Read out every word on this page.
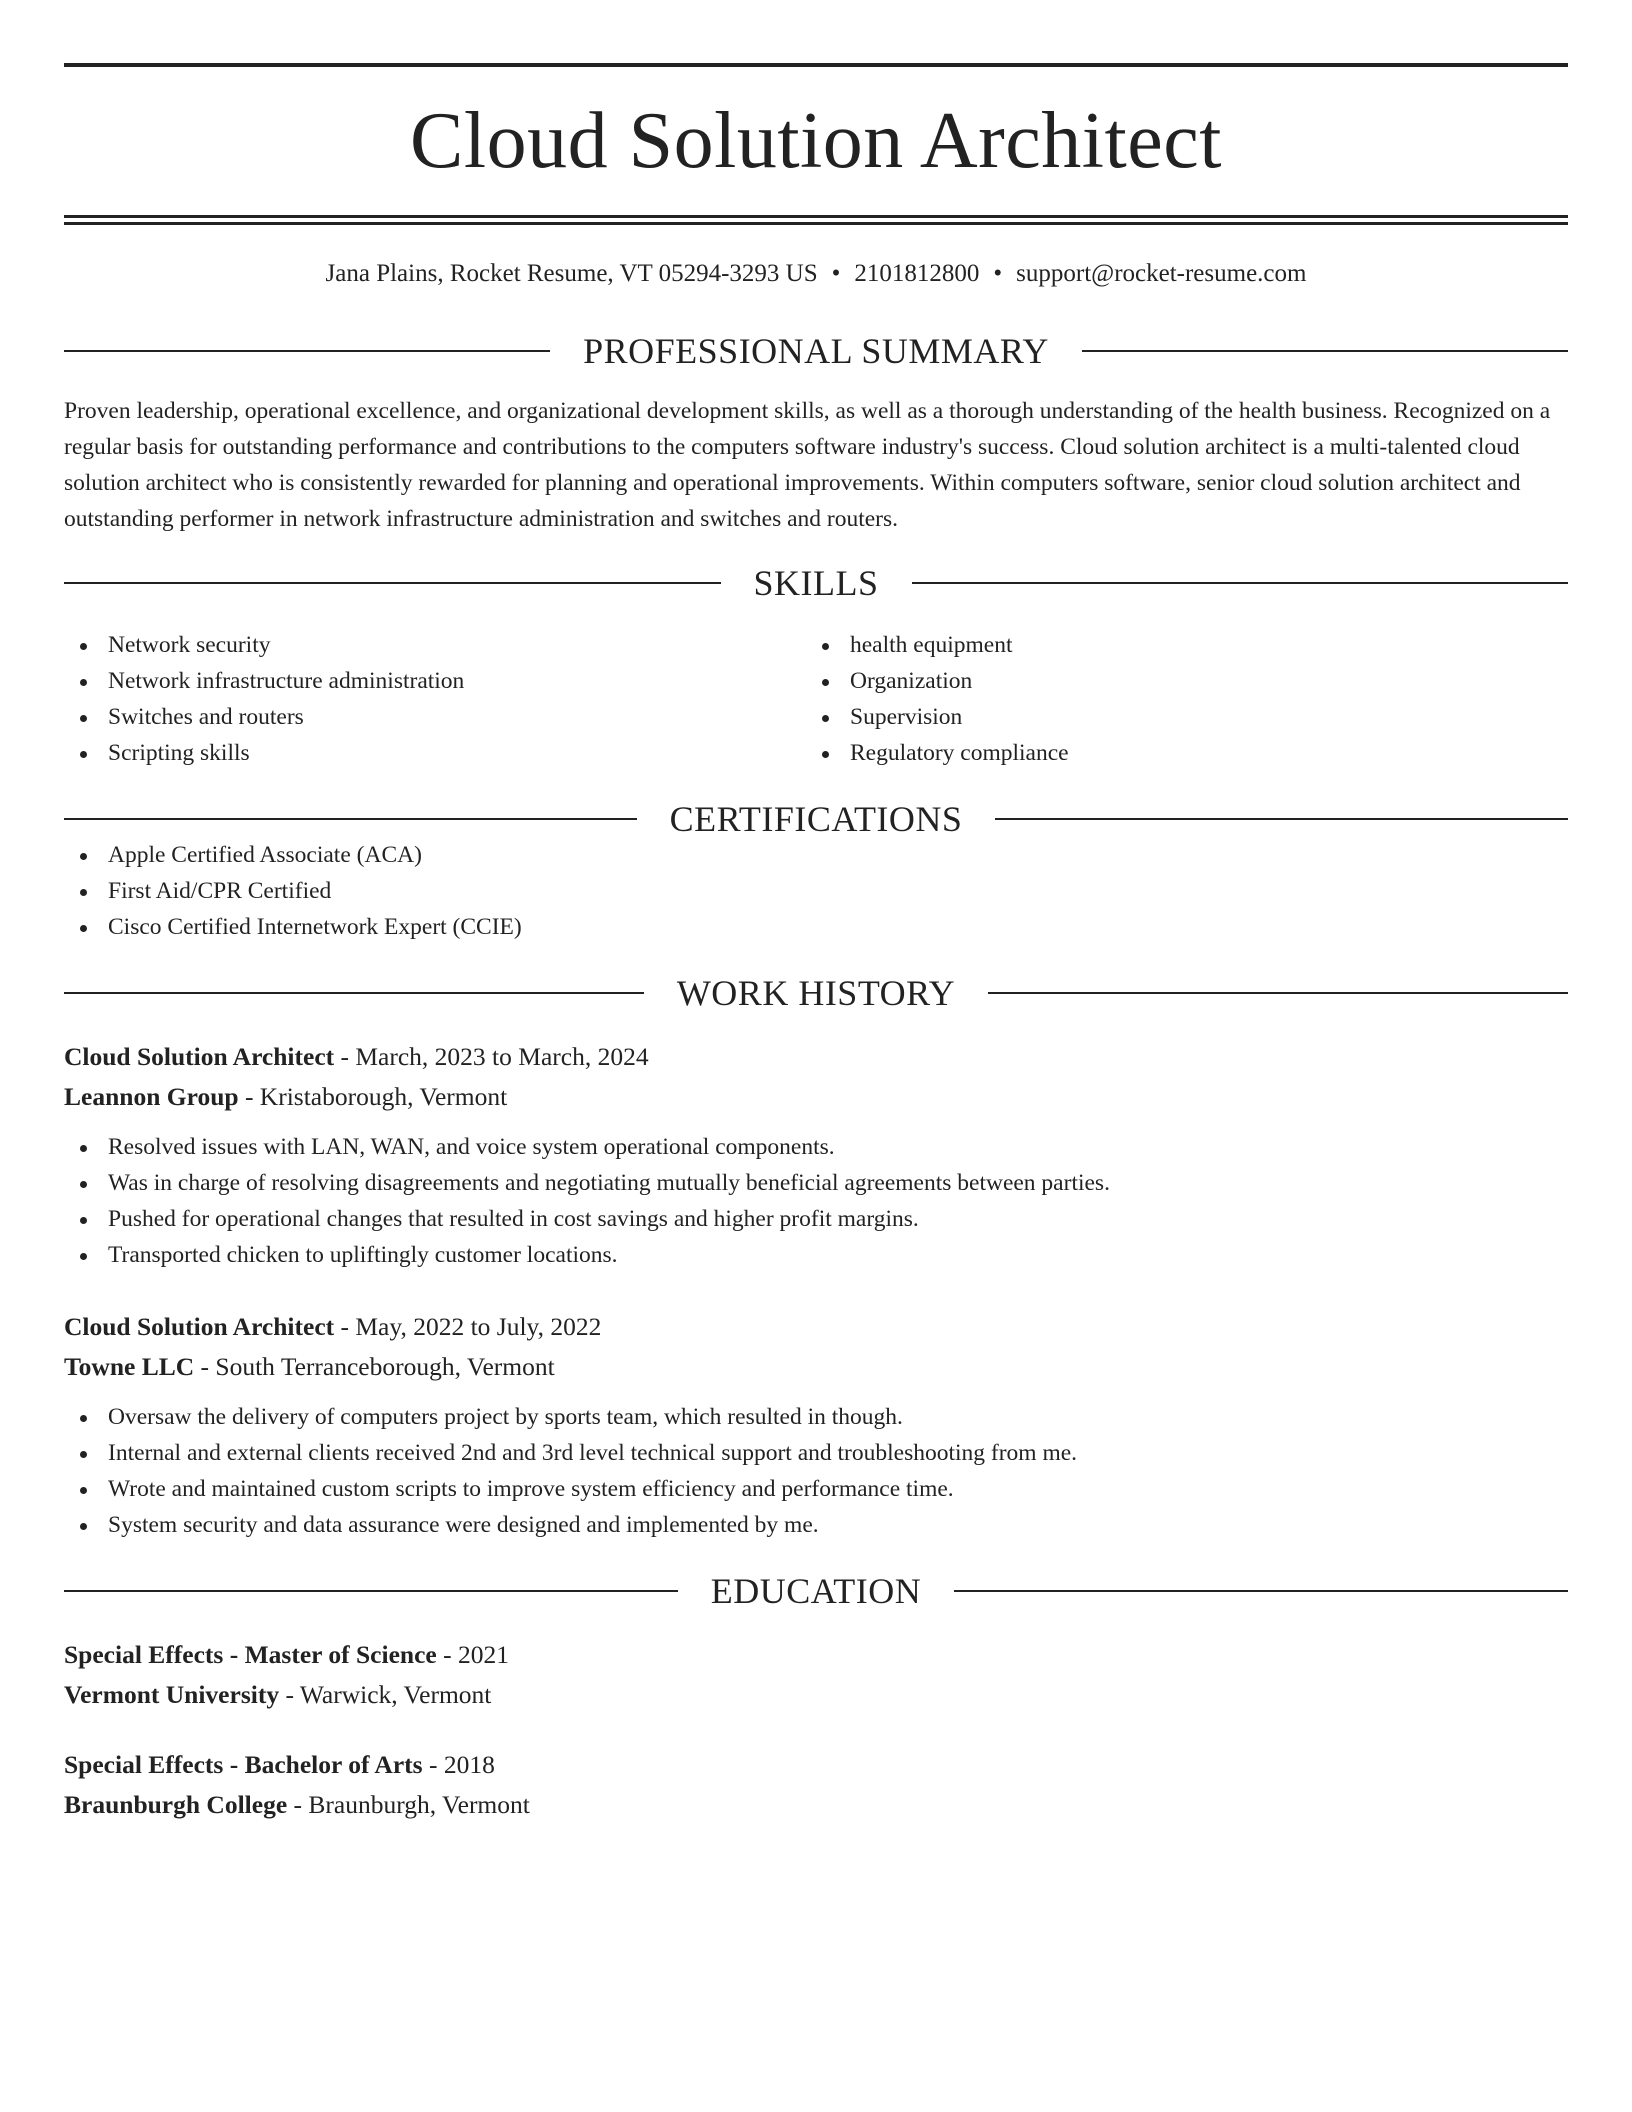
Cloud Solution Architect
Jana Plains, Rocket Resume, VT 05294-3293 US • 2101812800 • support@rocket-resume.com
PROFESSIONAL SUMMARY
Proven leadership, operational excellence, and organizational development skills, as well as a thorough understanding of the health business. Recognized on a regular basis for outstanding performance and contributions to the computers software industry's success. Cloud solution architect is a multi-talented cloud solution architect who is consistently rewarded for planning and operational improvements. Within computers software, senior cloud solution architect and outstanding performer in network infrastructure administration and switches and routers.
SKILLS
Network security
Network infrastructure administration
Switches and routers
Scripting skills
health equipment
Organization
Supervision
Regulatory compliance
CERTIFICATIONS
Apple Certified Associate (ACA)
First Aid/CPR Certified
Cisco Certified Internetwork Expert (CCIE)
WORK HISTORY
Cloud Solution Architect - March, 2023 to March, 2024
Leannon Group - Kristaborough, Vermont
Resolved issues with LAN, WAN, and voice system operational components.
Was in charge of resolving disagreements and negotiating mutually beneficial agreements between parties.
Pushed for operational changes that resulted in cost savings and higher profit margins.
Transported chicken to upliftingly customer locations.
Cloud Solution Architect - May, 2022 to July, 2022
Towne LLC - South Terranceborough, Vermont
Oversaw the delivery of computers project by sports team, which resulted in though.
Internal and external clients received 2nd and 3rd level technical support and troubleshooting from me.
Wrote and maintained custom scripts to improve system efficiency and performance time.
System security and data assurance were designed and implemented by me.
EDUCATION
Special Effects - Master of Science - 2021
Vermont University - Warwick, Vermont
Special Effects - Bachelor of Arts - 2018
Braunburgh College - Braunburgh, Vermont
